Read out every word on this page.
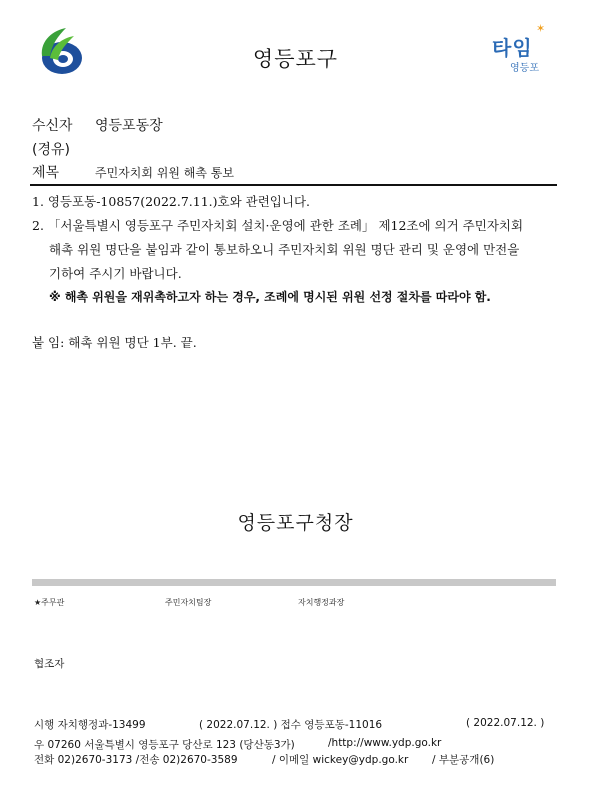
영등포구
✶
타임
영등포
수신자 영등포동장
(경유)
제목	주민자치회 위원 해촉 통보
1. 영등포동-10857(2022.7.11.)호와 관련입니다.
2. 「서울특별시 영등포구 주민자치회 설치·운영에 관한 조례」 제12조에 의거 주민자치회
해촉 위원 명단을 붙임과 같이 통보하오니 주민자치회 위원 명단 관리 및 운영에 만전을
기하여 주시기 바랍니다.
※ 해촉 위원을 재위촉하고자 하는 경우, 조례에 명시된 위원 선정 절차를 따라야 함.
붙 임: 해촉 위원 명단 1부. 끝.
영등포구청장
★주무관	주민자치팀장	자치행정과장
협조자
시행 자치행정과-13499	( 2022.07.12. ) 접수 영등포동-11016	( 2022.07.12. )
우 07260 서울특별시 영등포구 당산로 123 (당산동3가)	/http://www.ydp.go.kr
전화 02)2670-3173 /전송 02)2670-3589	/ 이메일 wickey@ydp.go.kr / 부분공개(6)
